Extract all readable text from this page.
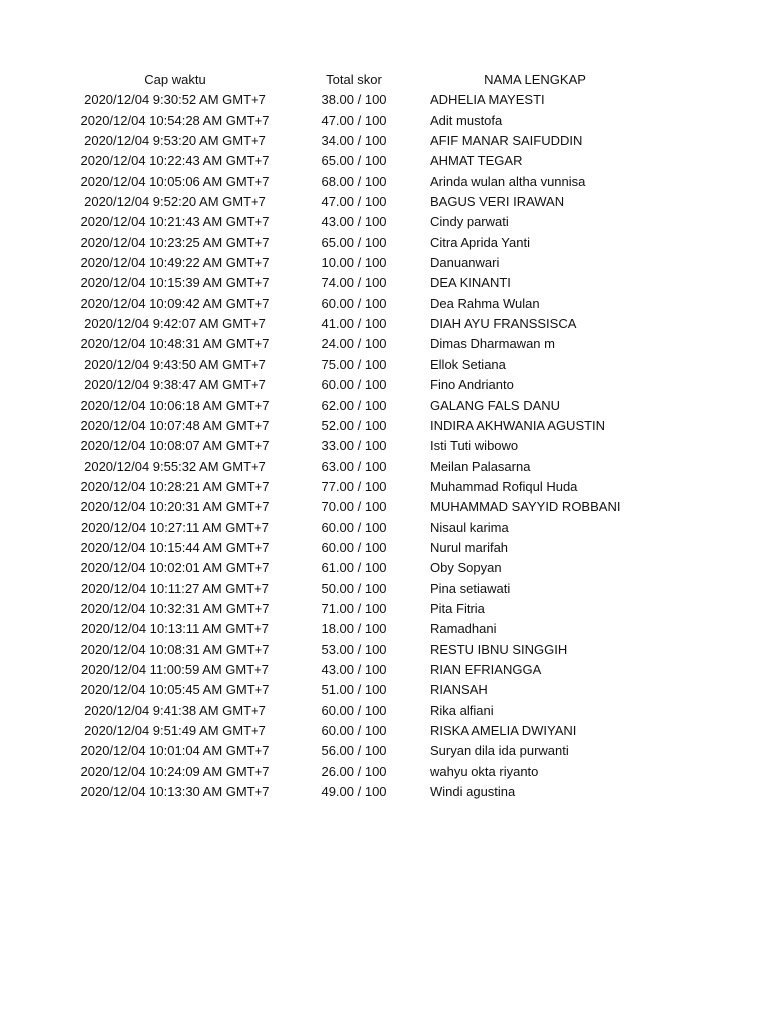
Cap waktu	Total skor	NAMA LENGKAP
2020/12/04 9:30:52 AM GMT+7	38.00 / 100	ADHELIA MAYESTI
2020/12/04 10:54:28 AM GMT+7	47.00 / 100	Adit mustofa
2020/12/04 9:53:20 AM GMT+7	34.00 / 100	AFIF MANAR SAIFUDDIN
2020/12/04 10:22:43 AM GMT+7	65.00 / 100	AHMAT TEGAR
2020/12/04 10:05:06 AM GMT+7	68.00 / 100	Arinda wulan altha vunnisa
2020/12/04 9:52:20 AM GMT+7	47.00 / 100	BAGUS VERI IRAWAN
2020/12/04 10:21:43 AM GMT+7	43.00 / 100	Cindy parwati
2020/12/04 10:23:25 AM GMT+7	65.00 / 100	Citra Aprida Yanti
2020/12/04 10:49:22 AM GMT+7	10.00 / 100	Danuanwari
2020/12/04 10:15:39 AM GMT+7	74.00 / 100	DEA KINANTI
2020/12/04 10:09:42 AM GMT+7	60.00 / 100	Dea Rahma Wulan
2020/12/04 9:42:07 AM GMT+7	41.00 / 100	DIAH AYU FRANSSISCA
2020/12/04 10:48:31 AM GMT+7	24.00 / 100	Dimas Dharmawan m
2020/12/04 9:43:50 AM GMT+7	75.00 / 100	Ellok Setiana
2020/12/04 9:38:47 AM GMT+7	60.00 / 100	Fino Andrianto
2020/12/04 10:06:18 AM GMT+7	62.00 / 100	GALANG FALS DANU
2020/12/04 10:07:48 AM GMT+7	52.00 / 100	INDIRA AKHWANIA AGUSTIN
2020/12/04 10:08:07 AM GMT+7	33.00 / 100	Isti Tuti wibowo
2020/12/04 9:55:32 AM GMT+7	63.00 / 100	Meilan Palasarna
2020/12/04 10:28:21 AM GMT+7	77.00 / 100	Muhammad Rofiqul Huda
2020/12/04 10:20:31 AM GMT+7	70.00 / 100	MUHAMMAD SAYYID ROBBANI
2020/12/04 10:27:11 AM GMT+7	60.00 / 100	Nisaul karima
2020/12/04 10:15:44 AM GMT+7	60.00 / 100	Nurul marifah
2020/12/04 10:02:01 AM GMT+7	61.00 / 100	Oby Sopyan
2020/12/04 10:11:27 AM GMT+7	50.00 / 100	Pina setiawati
2020/12/04 10:32:31 AM GMT+7	71.00 / 100	Pita Fitria
2020/12/04 10:13:11 AM GMT+7	18.00 / 100	Ramadhani
2020/12/04 10:08:31 AM GMT+7	53.00 / 100	RESTU IBNU SINGGIH
2020/12/04 11:00:59 AM GMT+7	43.00 / 100	RIAN EFRIANGGA
2020/12/04 10:05:45 AM GMT+7	51.00 / 100	RIANSAH
2020/12/04 9:41:38 AM GMT+7	60.00 / 100	Rika alfiani
2020/12/04 9:51:49 AM GMT+7	60.00 / 100	RISKA AMELIA DWIYANI
2020/12/04 10:01:04 AM GMT+7	56.00 / 100	Suryan dila ida purwanti
2020/12/04 10:24:09 AM GMT+7	26.00 / 100	wahyu okta riyanto
2020/12/04 10:13:30 AM GMT+7	49.00 / 100	Windi agustina
